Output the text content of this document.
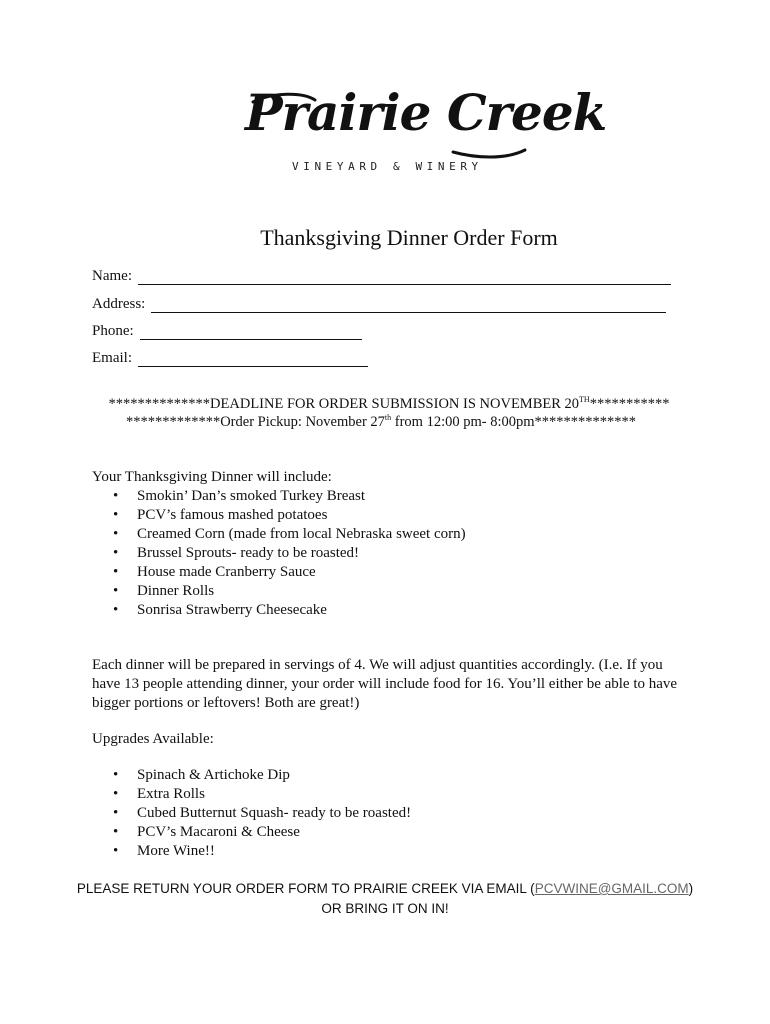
Prairie Creek
VINEYARD & WINERY
Thanksgiving Dinner Order Form
Name:
Address:
Phone:
Email:
**************DEADLINE FOR ORDER SUBMISSION IS NOVEMBER 20TH***********
*************Order Pickup: November 27th from 12:00 pm- 8:00pm**************
Your Thanksgiving Dinner will include:
• Smokin’ Dan’s smoked Turkey Breast
• PCV’s famous mashed potatoes
• Creamed Corn (made from local Nebraska sweet corn)
• Brussel Sprouts- ready to be roasted!
• House made Cranberry Sauce
• Dinner Rolls
• Sonrisa Strawberry Cheesecake
Each dinner will be prepared in servings of 4. We will adjust quantities accordingly. (I.e. If you have 13 people attending dinner, your order will include food for 16. You’ll either be able to have bigger portions or leftovers! Both are great!)
Upgrades Available:
• Spinach & Artichoke Dip
• Extra Rolls
• Cubed Butternut Squash- ready to be roasted!
• PCV’s Macaroni & Cheese
• More Wine!!
PLEASE RETURN YOUR ORDER FORM TO PRAIRIE CREEK VIA EMAIL (PCVWINE@GMAIL.COM)
OR BRING IT ON IN!
